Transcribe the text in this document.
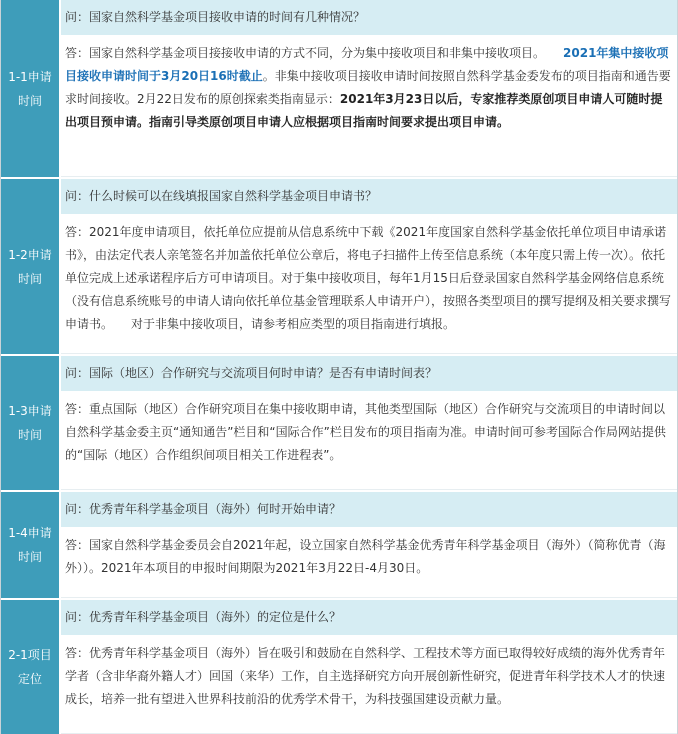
1-1申请时间
问：国家自然科学基金项目接收申请的时间有几种情况？
答：国家自然科学基金项目接接收申请的方式不同，分为集中接收项目和非集中接收项目。　　2021年集中接收项目接收申请时间于3月20日16时截止。非集中接收项目接收申请时间按照自然科学基金委发布的项目指南和通告要求时间接收。2月22日发布的原创探索类指南显示：2021年3月23日以后，专家推荐类原创项目申请人可随时提出项目预申请。指南引导类原创项目申请人应根据项目指南时间要求提出项目申请。
1-2申请时间
问：什么时候可以在线填报国家自然科学基金项目申请书？
答：2021年度申请项目，依托单位应提前从信息系统中下载《2021年度国家自然科学基金依托单位项目申请承诺书》，由法定代表人亲笔签名并加盖依托单位公章后，将电子扫描件上传至信息系统（本年度只需上传一次）。依托单位完成上述承诺程序后方可申请项目。对于集中接收项目，每年1月15日后登录国家自然科学基金网络信息系统（没有信息系统账号的申请人请向依托单位基金管理联系人申请开户），按照各类型项目的撰写提纲及相关要求撰写申请书。　　对于非集中接收项目，请参考相应类型的项目指南进行填报。
1-3申请时间
问：国际（地区）合作研究与交流项目何时申请？是否有申请时间表？
答：重点国际（地区）合作研究项目在集中接收期申请，其他类型国际（地区）合作研究与交流项目的申请时间以自然科学基金委主页“通知通告”栏目和“国际合作”栏目发布的项目指南为准。申请时间可参考国际合作局网站提供的“国际（地区）合作组织间项目相关工作进程表”。
1-4申请时间
问：优秀青年科学基金项目（海外）何时开始申请？
答：国家自然科学基金委员会自2021年起，设立国家自然科学基金优秀青年科学基金项目（海外）（简称优青（海外））。2021年本项目的申报时间期限为2021年3月22日-4月30日。
2-1项目定位
问：优秀青年科学基金项目（海外）的定位是什么？
答：优秀青年科学基金项目（海外）旨在吸引和鼓励在自然科学、工程技术等方面已取得较好成绩的海外优秀青年学者（含非华裔外籍人才）回国（来华）工作，自主选择研究方向开展创新性研究，促进青年科学技术人才的快速成长，培养一批有望进入世界科技前沿的优秀学术骨干，为科技强国建设贡献力量。
